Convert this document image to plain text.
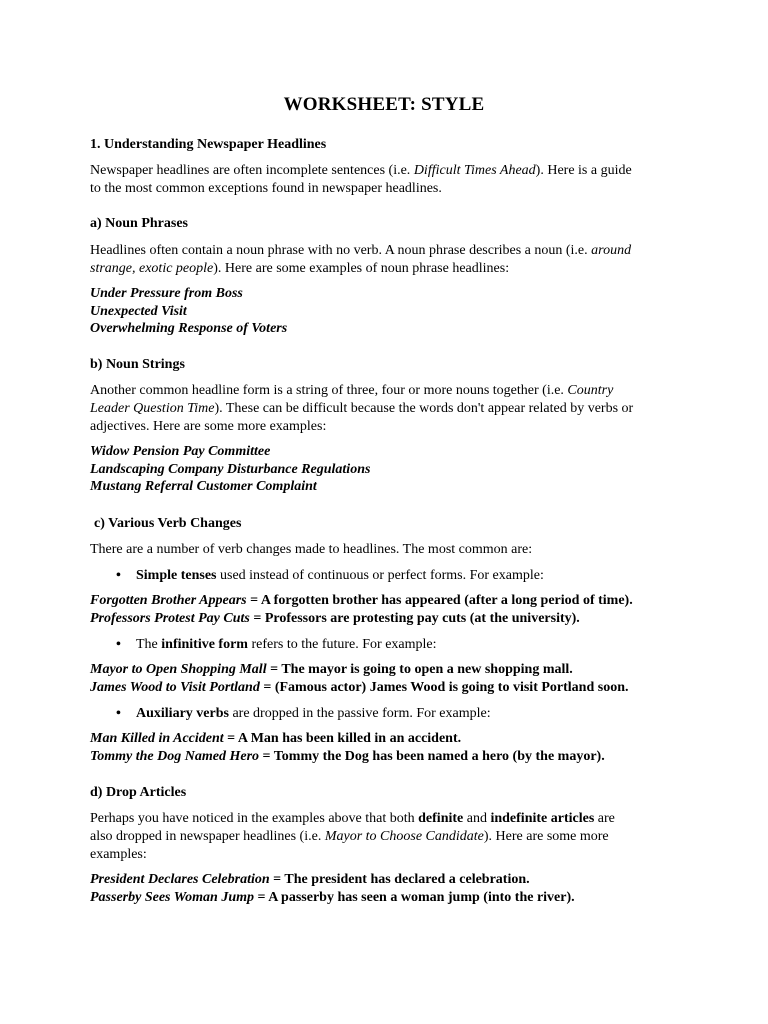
WORKSHEET: STYLE
1. Understanding Newspaper Headlines
Newspaper headlines are often incomplete sentences (i.e. Difficult Times Ahead). Here is a guide
to the most common exceptions found in newspaper headlines.
a) Noun Phrases
Headlines often contain a noun phrase with no verb. A noun phrase describes a noun (i.e. around
strange, exotic people). Here are some examples of noun phrase headlines:
Under Pressure from Boss
Unexpected Visit
Overwhelming Response of Voters
b) Noun Strings
Another common headline form is a string of three, four or more nouns together (i.e. Country
Leader Question Time). These can be difficult because the words don't appear related by verbs or
adjectives. Here are some more examples:
Widow Pension Pay Committee
Landscaping Company Disturbance Regulations
Mustang Referral Customer Complaint
c) Various Verb Changes
There are a number of verb changes made to headlines. The most common are:
• Simple tenses used instead of continuous or perfect forms. For example:
Forgotten Brother Appears = A forgotten brother has appeared (after a long period of time).
Professors Protest Pay Cuts = Professors are protesting pay cuts (at the university).
• The infinitive form refers to the future. For example:
Mayor to Open Shopping Mall = The mayor is going to open a new shopping mall.
James Wood to Visit Portland = (Famous actor) James Wood is going to visit Portland soon.
• Auxiliary verbs are dropped in the passive form. For example:
Man Killed in Accident = A Man has been killed in an accident.
Tommy the Dog Named Hero = Tommy the Dog has been named a hero (by the mayor).
d) Drop Articles
Perhaps you have noticed in the examples above that both definite and indefinite articles are
also dropped in newspaper headlines (i.e. Mayor to Choose Candidate). Here are some more
examples:
President Declares Celebration = The president has declared a celebration.
Passerby Sees Woman Jump = A passerby has seen a woman jump (into the river).
